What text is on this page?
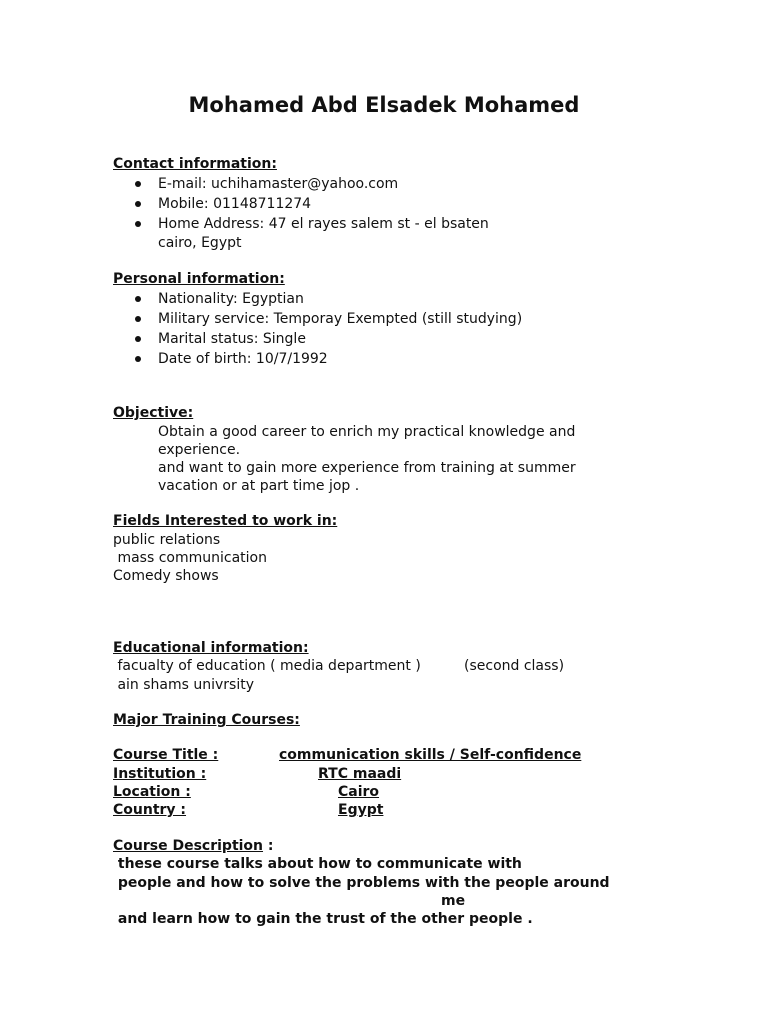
Mohamed Abd Elsadek Mohamed
Contact information:
E-mail: uchihamaster@yahoo.com
Mobile: 01148711274
Home Address: 47 el rayes salem st - el bsaten
cairo, Egypt
Personal information:
Nationality: Egyptian
Military service: Temporay Exempted (still studying)
Marital status: Single
Date of birth: 10/7/1992
Objective:
Obtain a good career to enrich my practical knowledge and
experience.
and want to gain more experience from training at summer
vacation or at part time jop .
Fields Interested to work in:
public relations
mass communication
Comedy shows
Educational information:
facualty of education ( media department )	(second class)
ain shams univrsity
Major Training Courses:
Course Title :	communication skills / Self-confidence
Institution :	RTC maadi
Location :	Cairo
Country :	Egypt
Course Description :
these course talks about how to communicate with
people and how to solve the problems with the people around
me
and learn how to gain the trust of the other people .
